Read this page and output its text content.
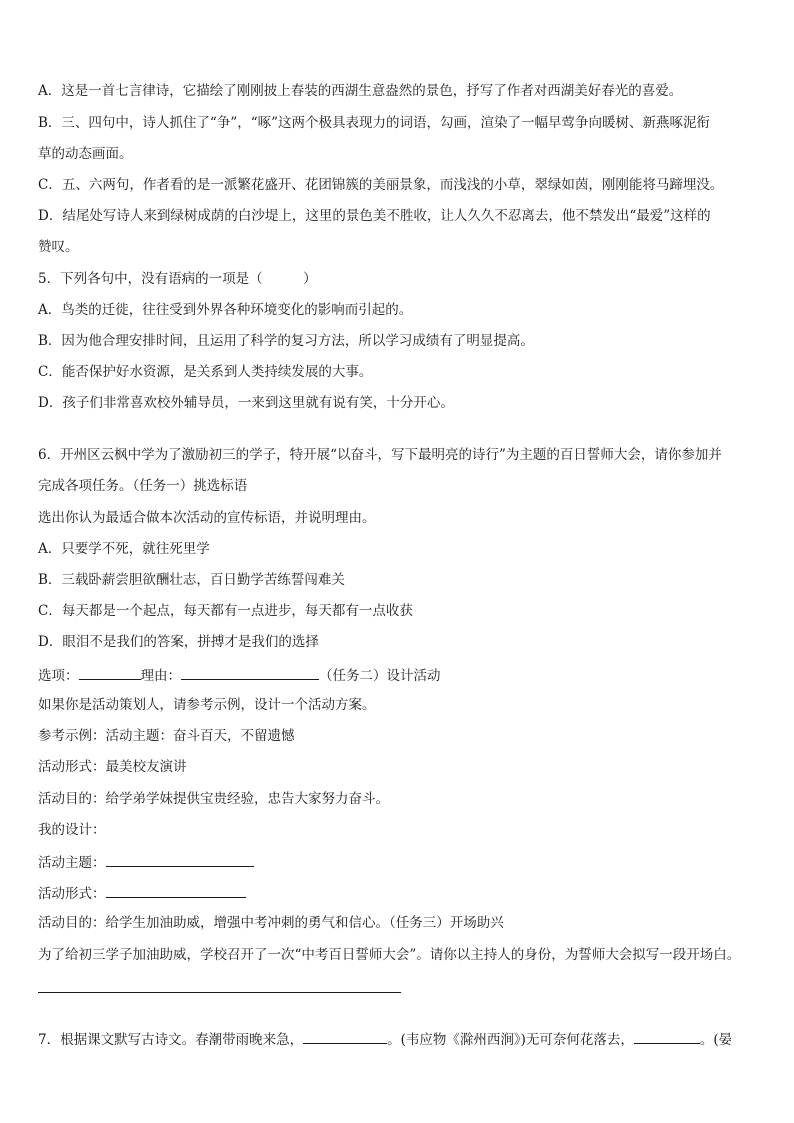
A．这是一首七言律诗，它描绘了刚刚披上春装的西湖生意盎然的景色，抒写了作者对西湖美好春光的喜爱。
B．三、四句中，诗人抓住了“争”，“啄”这两个极具表现力的词语，勾画，渲染了一幅早莺争向暖树、新燕啄泥衔
草的动态画面。
C．五、六两句，作者看的是一派繁花盛开、花团锦簇的美丽景象，而浅浅的小草，翠绿如茵，刚刚能将马蹄埋没。
D．结尾处写诗人来到绿树成荫的白沙堤上，这里的景色美不胜收，让人久久不忍离去，他不禁发出“最爱”这样的
赞叹。
5．下列各句中，没有语病的一项是（　　　）
A．鸟类的迁徙，往往受到外界各种环境变化的影响而引起的。
B．因为他合理安排时间，且运用了科学的复习方法，所以学习成绩有了明显提高。
C．能否保护好水资源，是关系到人类持续发展的大事。
D．孩子们非常喜欢校外辅导员，一来到这里就有说有笑，十分开心。
6．开州区云枫中学为了激励初三的学子，特开展“以奋斗，写下最明亮的诗行”为主题的百日誓师大会，请你参加并
完成各项任务。（任务一）挑选标语
选出你认为最适合做本次活动的宣传标语，并说明理由。
A．只要学不死，就往死里学
B．三载卧薪尝胆欲酬壮志，百日勤学苦练誓闯难关
C．每天都是一个起点，每天都有一点进步，每天都有一点收获
D．眼泪不是我们的答案，拼搏才是我们的选择
选项：	理由：	（任务二）设计活动
如果你是活动策划人，请参考示例，设计一个活动方案。
参考示例：活动主题：奋斗百天，不留遗憾
活动形式：最美校友演讲
活动目的：给学弟学妹提供宝贵经验，忠告大家努力奋斗。
我的设计：
活动主题：
活动形式：
活动目的：给学生加油助威，增强中考冲刺的勇气和信心。（任务三）开场助兴
为了给初三学子加油助威，学校召开了一次“中考百日誓师大会”。请你以主持人的身份，为誓师大会拟写一段开场白。
7．根据课文默写古诗文。春潮带雨晚来急，	。(韦应物《滁州西涧》)无可奈何花落去，	。(晏
